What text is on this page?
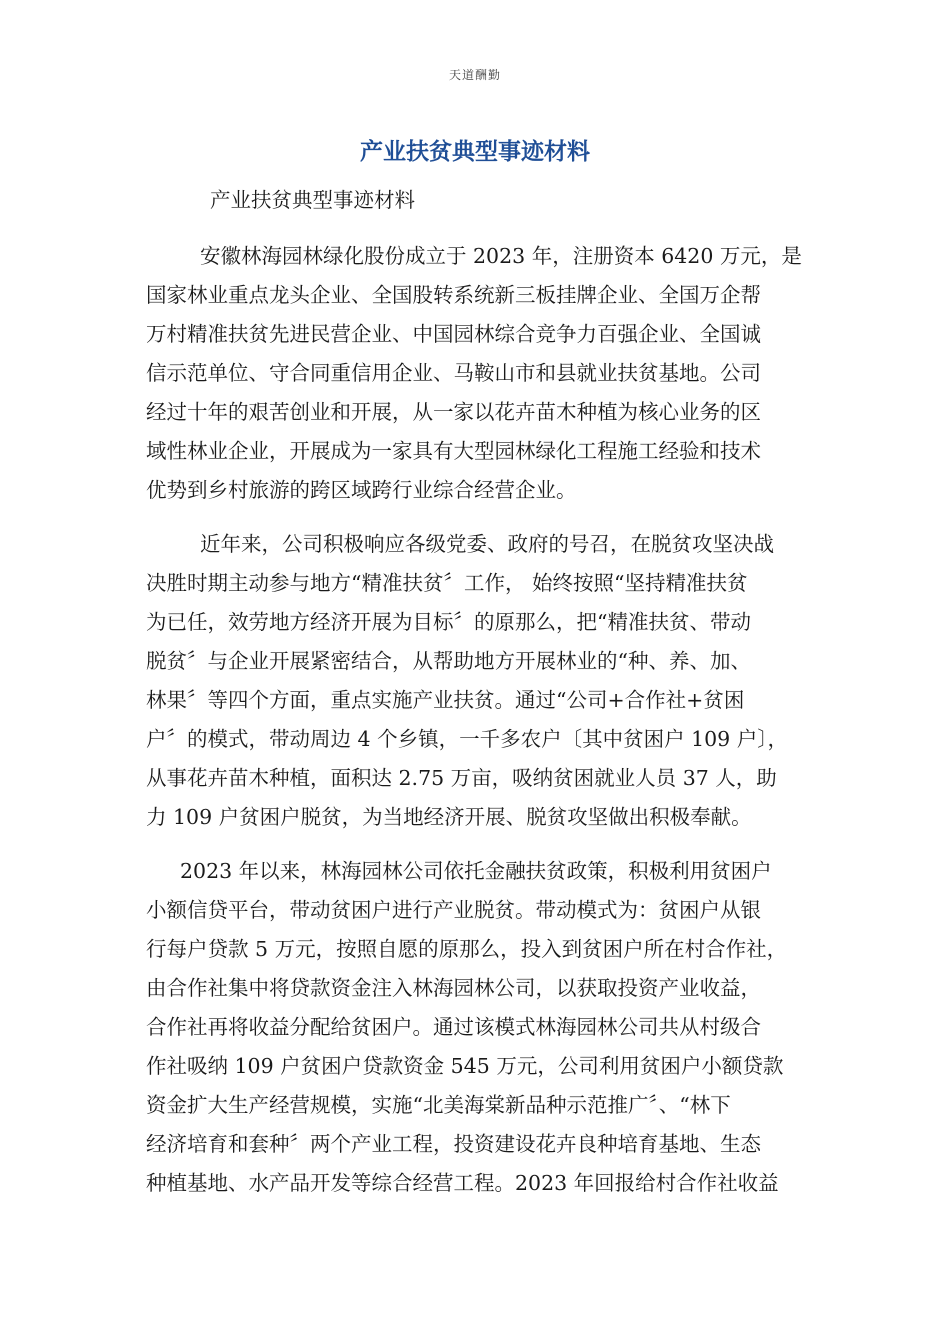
天道酬勤
产业扶贫典型事迹材料
产业扶贫典型事迹材料
安徽林海园林绿化股份成立于 2023 年，注册资本 6420 万元，是
国家林业重点龙头企业、全国股转系统新三板挂牌企业、全国万企帮
万村精准扶贫先进民营企业、中国园林综合竞争力百强企业、全国诚
信示范单位、守合同重信用企业、马鞍山市和县就业扶贫基地。公司
经过十年的艰苦创业和开展，从一家以花卉苗木种植为核心业务的区
域性林业企业，开展成为一家具有大型园林绿化工程施工经验和技术
优势到乡村旅游的跨区域跨行业综合经营企业。
近年来，公司积极响应各级党委、政府的号召，在脱贫攻坚决战
决胜时期主动参与地方“精准扶贫〞工作， 始终按照“坚持精准扶贫
为已任，效劳地方经济开展为目标〞的原那么，把“精准扶贫、带动
脱贫〞与企业开展紧密结合，从帮助地方开展林业的“种、养、加、
林果〞等四个方面，重点实施产业扶贫。通过“公司+合作社+贫困
户〞的模式，带动周边 4 个乡镇，一千多农户〔其中贫困户 109 户〕，
从事花卉苗木种植，面积达 2.75 万亩，吸纳贫困就业人员 37 人，助
力 109 户贫困户脱贫，为当地经济开展、脱贫攻坚做出积极奉献。
2023 年以来，林海园林公司依托金融扶贫政策，积极利用贫困户
小额信贷平台，带动贫困户进行产业脱贫。带动模式为：贫困户从银
行每户贷款 5 万元，按照自愿的原那么，投入到贫困户所在村合作社，
由合作社集中将贷款资金注入林海园林公司，以获取投资产业收益，
合作社再将收益分配给贫困户。通过该模式林海园林公司共从村级合
作社吸纳 109 户贫困户贷款资金 545 万元，公司利用贫困户小额贷款
资金扩大生产经营规模，实施“北美海棠新品种示范推广〞、“林下
经济培育和套种〞两个产业工程，投资建设花卉良种培育基地、生态
种植基地、水产品开发等综合经营工程。2023 年回报给村合作社收益
